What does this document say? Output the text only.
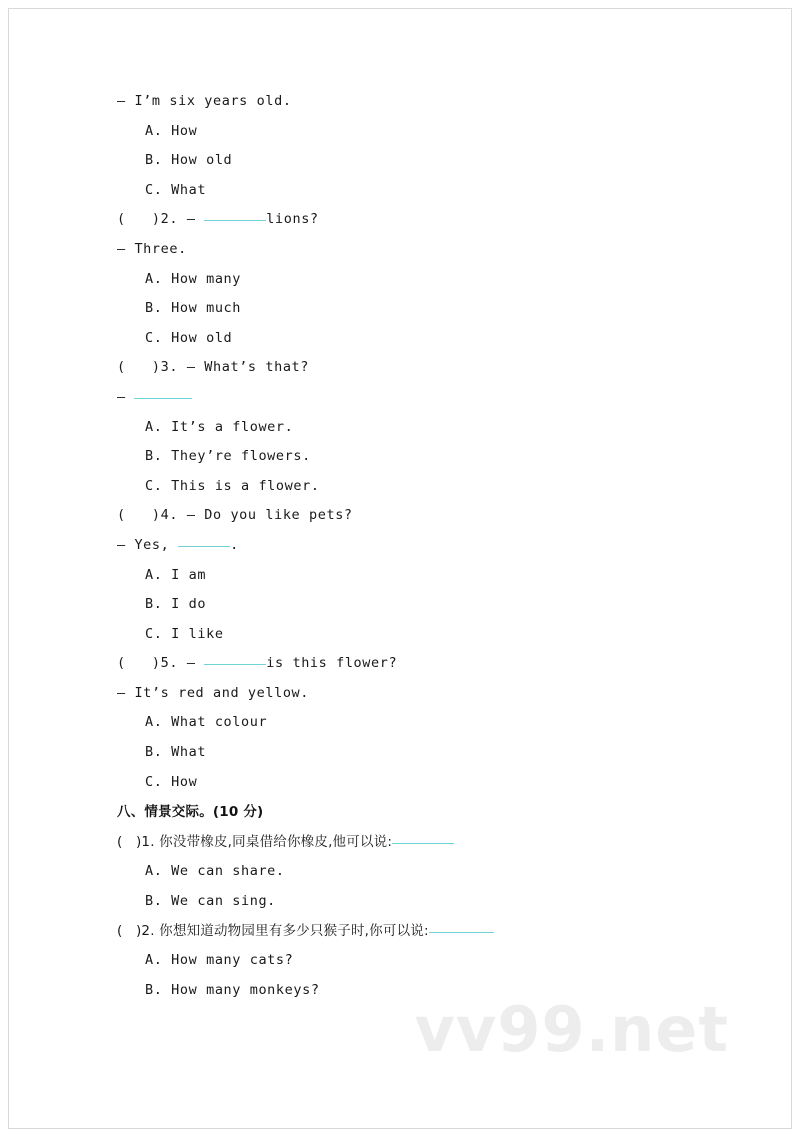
— I’m six years old.
A. How
B. How old
C. What
(   )2. —	lions?
— Three.
A. How many
B. How much
C. How old
(   )3. — What’s that?
—
A. It’s a flower.
B. They’re flowers.
C. This is a flower.
(   )4. — Do you like pets?
— Yes,	.
A. I am
B. I do
C. I like
(   )5. —	is this flower?
— It’s red and yellow.
A. What colour
B. What
C. How
八、情景交际。(10 分)
(   )1. 你没带橡皮,同桌借给你橡皮,他可以说:
A. We can share.
B. We can sing.
(   )2. 你想知道动物园里有多少只猴子时,你可以说:
A. How many cats?
B. How many monkeys?
vv99.net
